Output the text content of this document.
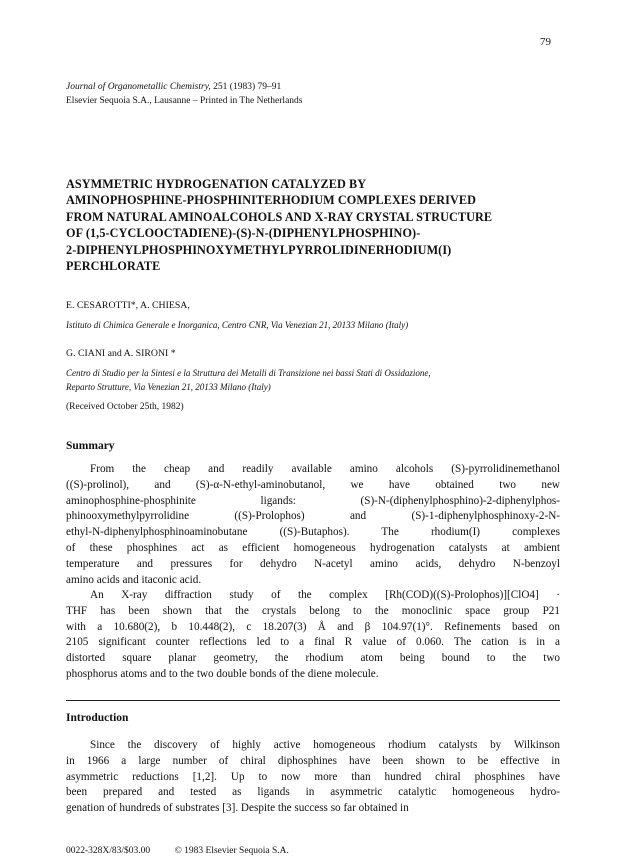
79
Journal of Organometallic Chemistry, 251 (1983) 79–91
Elsevier Sequoia S.A., Lausanne – Printed in The Netherlands
ASYMMETRIC HYDROGENATION CATALYZED BY
AMINOPHOSPHINE-PHOSPHINITERHODIUM COMPLEXES DERIVED
FROM NATURAL AMINOALCOHOLS AND X-RAY CRYSTAL STRUCTURE
OF (1,5-CYCLOOCTADIENE)-(S)-N-(DIPHENYLPHOSPHINO)-
2-DIPHENYLPHOSPHINOXYMETHYLPYRROLIDINERHODIUM(I)
PERCHLORATE
E. CESAROTTI*, A. CHIESA,
Istituto di Chimica Generale e Inorganica, Centro CNR, Via Venezian 21, 20133 Milano (Italy)
G. CIANI and A. SIRONI *
Centro di Studio per la Sintesi e la Struttura dei Metalli di Transizione nei bassi Stati di Ossidazione,
Reparto Strutture, Via Venezian 21, 20133 Milano (Italy)
(Received October 25th, 1982)
Summary
From the cheap and readily available amino alcohols (S)-pyrrolidinemethanol
((S)-prolinol), and (S)-α-N-ethyl-aminobutanol, we have obtained two new
aminophosphine-phosphinite ligands: (S)-N-(diphenylphosphino)-2-diphenylphos-
phinooxymethylpyrrolidine ((S)-Prolophos) and (S)-1-diphenylphosphinoxy-2-N-
ethyl-N-diphenylphosphinoaminobutane ((S)-Butaphos). The rhodium(I) complexes
of these phosphines act as efficient homogeneous hydrogenation catalysts at ambient
temperature and pressures for dehydro N-acetyl amino acids, dehydro N-benzoyl
amino acids and itaconic acid.
An X-ray diffraction study of the complex [Rh(COD)((S)-Prolophos)][ClO4] ·
THF has been shown that the crystals belong to the monoclinic space group P21
with a 10.680(2), b 10.448(2), c 18.207(3) Å and β 104.97(1)°. Refinements based on
2105 significant counter reflections led to a final R value of 0.060. The cation is in a
distorted square planar geometry, the rhodium atom being bound to the two
phosphorus atoms and to the two double bonds of the diene molecule.
Introduction
Since the discovery of highly active homogeneous rhodium catalysts by Wilkinson
in 1966 a large number of chiral diphosphines have been shown to be effective in
asymmetric reductions [1,2]. Up to now more than hundred chiral phosphines have
been prepared and tested as ligands in asymmetric catalytic homogeneous hydro-
genation of hundreds of substrates [3]. Despite the success so far obtained in
0022-328X/83/$03.00	© 1983 Elsevier Sequoia S.A.
